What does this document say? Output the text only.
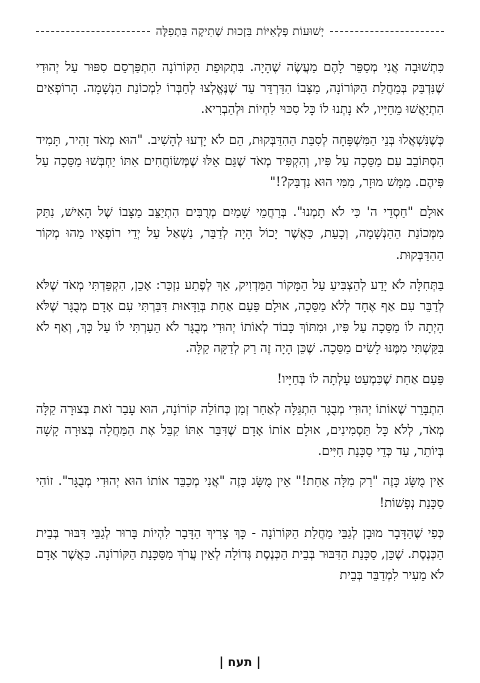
יְשׁוּעוֹת פְּלָאִיּוֹת בִּזְכוּת שְׁתִיקָה בִּתְפִלָּה

כִּתְשׁוּבָה אֲנִי מְסַפֵּר לָהֶם מַעֲשֶׂה שֶׁהָיָה. בִּתְקוּפַת הַקּוֹרוֹנָה הִתְפַּרְסֵם סִפּוּר עַל יְהוּדִי שֶׁנִּדְבַּק בְּמַחֲלַת הַקּוֹרוֹנָה, מַצָּבוֹ הִדַּרְדֵּר עַד שֶׁנֶּאֱלְצוּ לְחַבְּרוֹ לִמְכוֹנַת הַנְשָׁמָה. הָרוֹפְאִים הִתְיָאֲשׁוּ מֵחַיָּיו, לֹא נָתְנוּ לוֹ כָּל סִכּוּי לִחְיוֹת וּלְהַבְרִיא.

כְּשֶׁנִּשְׁאֲלוּ בְּנֵי הַמִּשְׁפָּחָה לְסִבַּת הַהִדַּבְּקוּת, הֵם לֹא יָדְעוּ לְהָשִׁיב. "הוּא מְאֹד זָהִיר, תָּמִיד הִסְתּוֹבֵב עִם מַסֵּכָה עַל פִּיו, וְהִקְפִּיד מְאֹד שֶׁגַּם אֵלּוּ שֶׁמְּשׂוֹחֲחִים אִתּוֹ יַחְבְּשׁוּ מַסֵּכָה עַל פִּיהֶם. מַמָּשׁ מוּזָר, מִמִּי הוּא נִדְבַּק?!"

אוּלָם "חַסְדֵי ה' כִּי לֹא תָמְנוּ". בְּרַחֲמֵי שָׁמַיִם מְרֻבִּים הִתְיַצֵּב מַצָּבוֹ שֶׁל הָאִישׁ, נִתַּק מִמְּכוֹנַת הַהַנְשָׁמָה, וְכָעֵת, כַּאֲשֶׁר יָכוֹל הָיָה לְדַבֵּר, נִשְׁאַל עַל יְדֵי רוֹפְאָיו מַהוּ מְקוֹר הַהִדַּבְּקוּת.

בַּתְּחִלָּה לֹא יָדַע לְהַצְבִּיעַ עַל הַמָּקוֹר הַמַּדְוִיק, אַךְ לְפֶתַע נִזְכַּר: אָכֵן, הִקְפַּדְתִּי מְאֹד שֶׁלֹּא לְדַבֵּר עִם אַף אֶחָד לְלֹא מַסֵּכָה, אוּלָם פַּעַם אַחַת בְּוַדָּאוּת דִּבַּרְתִּי עִם אָדָם מְבֻגָּר שֶׁלֹּא הָיְתָה לוֹ מַסֵּכָה עַל פִּיו, וּמִתּוֹךְ כָּבוֹד לְאוֹתוֹ יְהוּדִי מְבֻגָּר לֹא הֵעַרְתִּי לוֹ עַל כָּךְ, וְאַף לֹא בִּקַּשְׁתִּי מִמֶּנּוּ לָשִׂים מַסֵּכָה. שֶׁכֵּן הָיָה זֶה רַק לְדַקָּה קַלָּה.

פַּעַם אַחַת שֶׁכִּמְעַט עָלְתָה לוֹ בְּחַיָּיו!

הִתְבָּרֵר שֶׁאוֹתוֹ יְהוּדִי מְבֻגָּר הִתְגַּלָּה לְאַחַר זְמַן כְּחוֹלֵה קוֹרוֹנָה, הוּא עָבַר זֹאת בְּצוּרָה קַלָּה מְאֹד, לְלֹא כָּל תַּסְמִינִים, אוּלָם אוֹתוֹ אָדָם שֶׁדִּבֵּר אִתּוֹ קִבֵּל אֶת הַמַּחֲלָה בְּצוּרָה קָשָׁה בְּיוֹתֵר, עַד כְּדֵי סַכָּנַת חַיִּים.

אֵין מֻשָּׂג כָּזֶה "רַק מִלָּה אַחַת!" אֵין מֻשָּׂג כָּזֶה "אֲנִי מְכַבֵּד אוֹתוֹ הוּא יְהוּדִי מְבֻגָּר". זוֹהִי סַכָּנַת נְפָשׁוֹת!

כְּפִי שֶׁהַדָּבָר מוּבָן לְגַבֵּי מַחֲלַת הַקּוֹרוֹנָה - כָּךְ צָרִיךְ הַדָּבָר לִהְיוֹת בָּרוּר לְגַבֵּי דִּבּוּר בְּבֵית הַכְּנֶסֶת. שֶׁכֵּן, סַכָּנַת הַדִּבּוּר בְּבֵית הַכְּנֶסֶת גְּדוֹלָה לְאֵין עֲרֹךְ מִסַּכָּנַת הַקּוֹרוֹנָה. כַּאֲשֶׁר אָדָם לֹא מֵעִיר לִמְדַבֵּר בְּבֵית

| תעח |
